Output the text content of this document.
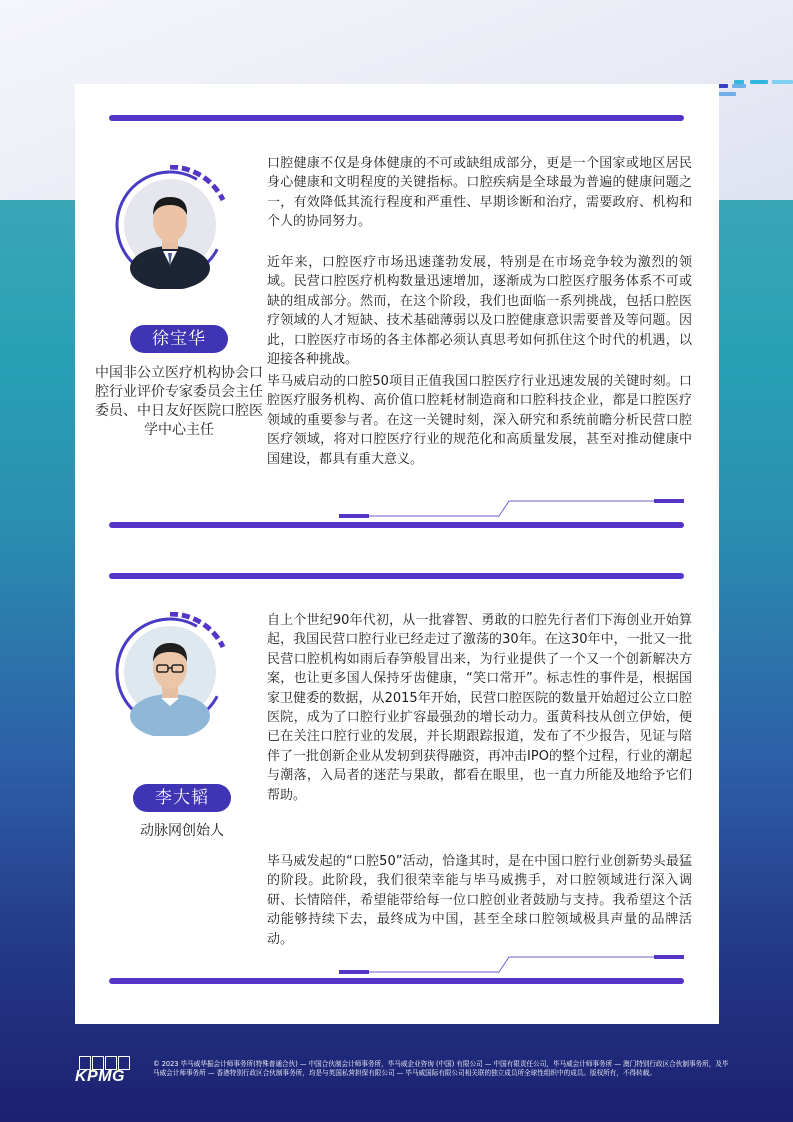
徐宝华
中国非公立医疗机构协会口腔行业评价专家委员会主任委员、中日友好医院口腔医学中心主任

口腔健康不仅是身体健康的不可或缺组成部分，更是一个国家或地区居民身心健康和文明程度的关键指标。口腔疾病是全球最为普遍的健康问题之一，有效降低其流行程度和严重性、早期诊断和治疗，需要政府、机构和个人的协同努力。

近年来，口腔医疗市场迅速蓬勃发展，特别是在市场竞争较为激烈的领域。民营口腔医疗机构数量迅速增加，逐渐成为口腔医疗服务体系不可或缺的组成部分。然而，在这个阶段，我们也面临一系列挑战，包括口腔医疗领域的人才短缺、技术基础薄弱以及口腔健康意识需要普及等问题。因此，口腔医疗市场的各主体都必须认真思考如何抓住这个时代的机遇，以迎接各种挑战。

毕马威启动的口腔50项目正值我国口腔医疗行业迅速发展的关键时刻。口腔医疗服务机构、高价值口腔耗材制造商和口腔科技企业，都是口腔医疗领域的重要参与者。在这一关键时刻，深入研究和系统前瞻分析民营口腔医疗领域，将对口腔医疗行业的规范化和高质量发展，甚至对推动健康中国建设，都具有重大意义。

李大韬
动脉网创始人

自上个世纪90年代初，从一批睿智、勇敢的口腔先行者们下海创业开始算起，我国民营口腔行业已经走过了激荡的30年。在这30年中，一批又一批民营口腔机构如雨后春笋般冒出来，为行业提供了一个又一个创新解决方案，也让更多国人保持牙齿健康，“笑口常开”。标志性的事件是，根据国家卫健委的数据，从2015年开始，民营口腔医院的数量开始超过公立口腔医院，成为了口腔行业扩容最强劲的增长动力。蛋黄科技从创立伊始，便已在关注口腔行业的发展，并长期跟踪报道，发布了不少报告，见证与陪伴了一批创新企业从发轫到获得融资，再冲击IPO的整个过程，行业的潮起与潮落，入局者的迷茫与果敢，都看在眼里，也一直力所能及地给予它们帮助。

毕马威发起的“口腔50”活动，恰逢其时，是在中国口腔行业创新势头最猛的阶段。此阶段，我们很荣幸能与毕马威携手，对口腔领域进行深入调研、长情陪伴，希望能带给每一位口腔创业者鼓励与支持。我希望这个活动能够持续下去，最终成为中国，甚至全球口腔领域极具声量的品牌活动。

KPMG
© 2023 毕马威华振会计师事务所(特殊普通合伙) — 中国合伙制会计师事务所，毕马威企业咨询 (中国) 有限公司 — 中国有限责任公司，毕马威会计师事务所 — 澳门特别行政区合伙制事务所，及毕马威会计师事务所 — 香港特别行政区合伙制事务所，均是与英国私营担保有限公司 — 毕马威国际有限公司相关联的独立成员所全球性组织中的成员。版权所有，不得转载。
